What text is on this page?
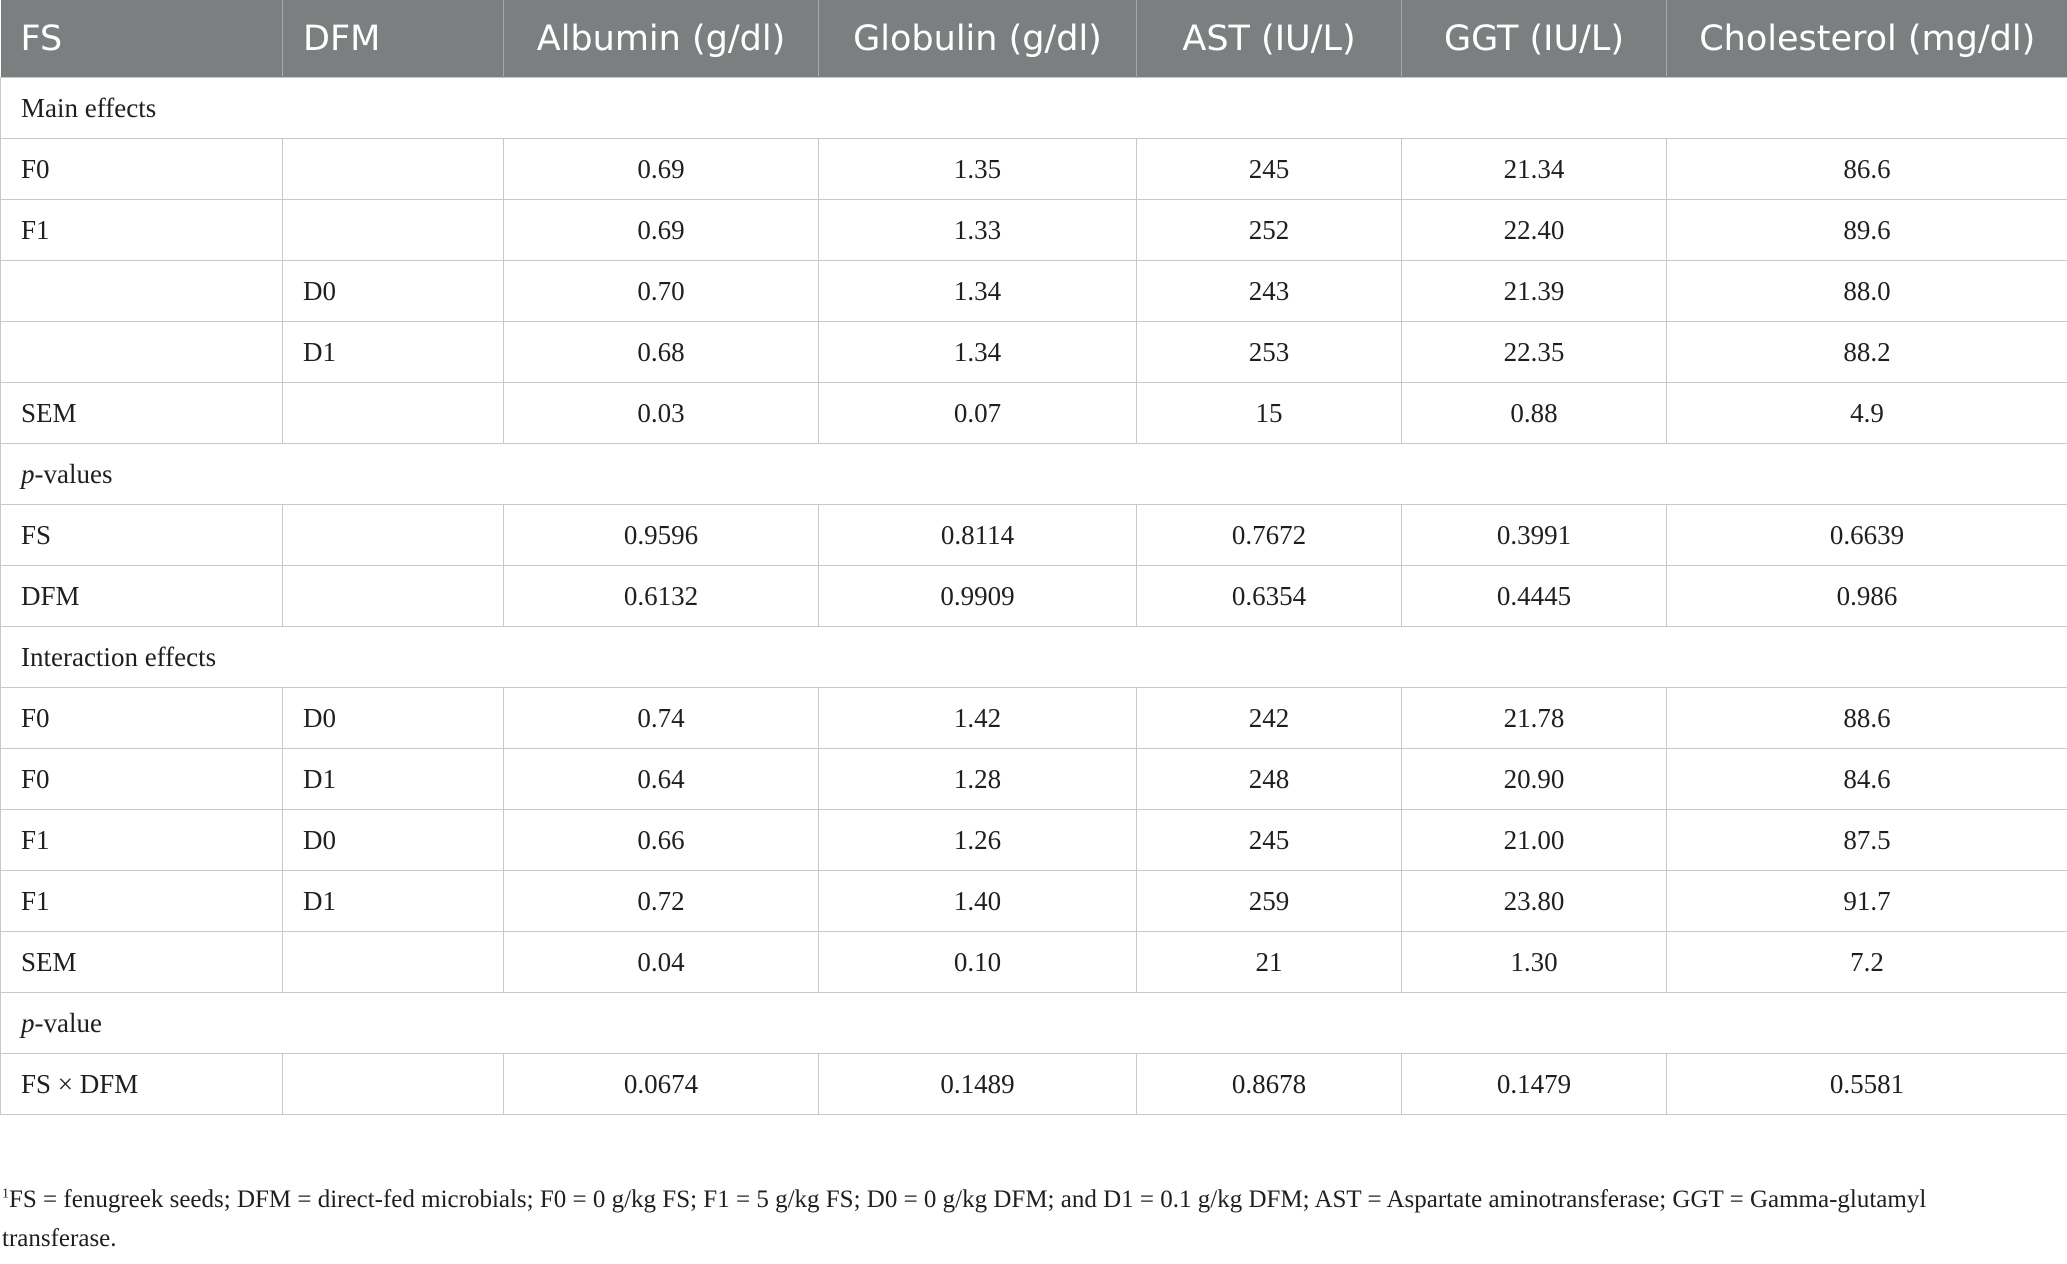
FS	DFM	Albumin (g/dl)	Globulin (g/dl)	AST (IU/L)	GGT (IU/L)	Cholesterol (mg/dl)
Main effects						
F0		0.69	1.35	245	21.34	86.6
F1		0.69	1.33	252	22.40	89.6
	D0	0.70	1.34	243	21.39	88.0
	D1	0.68	1.34	253	22.35	88.2
SEM		0.03	0.07	15	0.88	4.9
p-values						
FS		0.9596	0.8114	0.7672	0.3991	0.6639
DFM		0.6132	0.9909	0.6354	0.4445	0.986
Interaction effects						
F0	D0	0.74	1.42	242	21.78	88.6
F0	D1	0.64	1.28	248	20.90	84.6
F1	D0	0.66	1.26	245	21.00	87.5
F1	D1	0.72	1.40	259	23.80	91.7
SEM		0.04	0.10	21	1.30	7.2
p-value						
FS × DFM		0.0674	0.1489	0.8678	0.1479	0.5581
$^1$FS = fenugreek seeds; DFM = direct-fed microbials; F0 = 0 g/kg FS; F1 = 5 g/kg FS; D0 = 0 g/kg DFM; and D1 = 0.1 g/kg DFM; AST = Aspartate aminotransferase; GGT = Gamma-glutamyl transferase.
